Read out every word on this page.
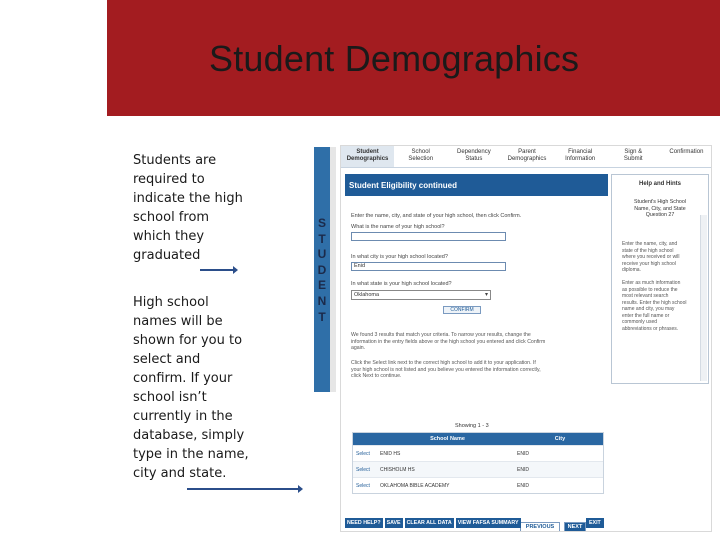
Student Demographics
Students are
required to
indicate the high
school from
which they
graduated
High school
names will be
shown for you to
select and
confirm. If your
school isn’t
currently in the
database, simply
type in the name,
city and state.
S
T
U
D
E
N
T
Student
Demographics
School
Selection
Dependency
Status
Parent
Demographics
Financial
Information
Sign &
Submit
Confirmation
Student Eligibility continued
Enter the name, city, and state of your high school, then click Confirm.
What is the name of your high school?
In what city is your high school located?
Enid
In what state is your high school located?
Oklahoma ▾
CONFIRM
We found 3 results that match your criteria. To narrow your results, change the
information in the entry fields above or the high school you entered and click Confirm
again.
Click the Select link next to the correct high school to add it to your application. If
your high school is not listed and you believe you entered the information correctly,
click Next to continue.
Showing 1 - 3
School Name	City
Select	ENID HS	ENID
Select	CHISHOLM HS	ENID
Select	OKLAHOMA BIBLE ACADEMY	ENID
PREVIOUS	NEXT
NEED HELP?	SAVE	CLEAR ALL DATA	VIEW FAFSA SUMMARY	EXIT
Help and Hints
Student's High School
Name, City, and State
Question 27
Enter the name, city, and
state of the high school
where you received or will
receive your high school
diploma.

Enter as much information
as possible to reduce the
most relevant search
results. Enter the high school
name and city, you may
enter the full name or
commonly used
abbreviations or phrases.
